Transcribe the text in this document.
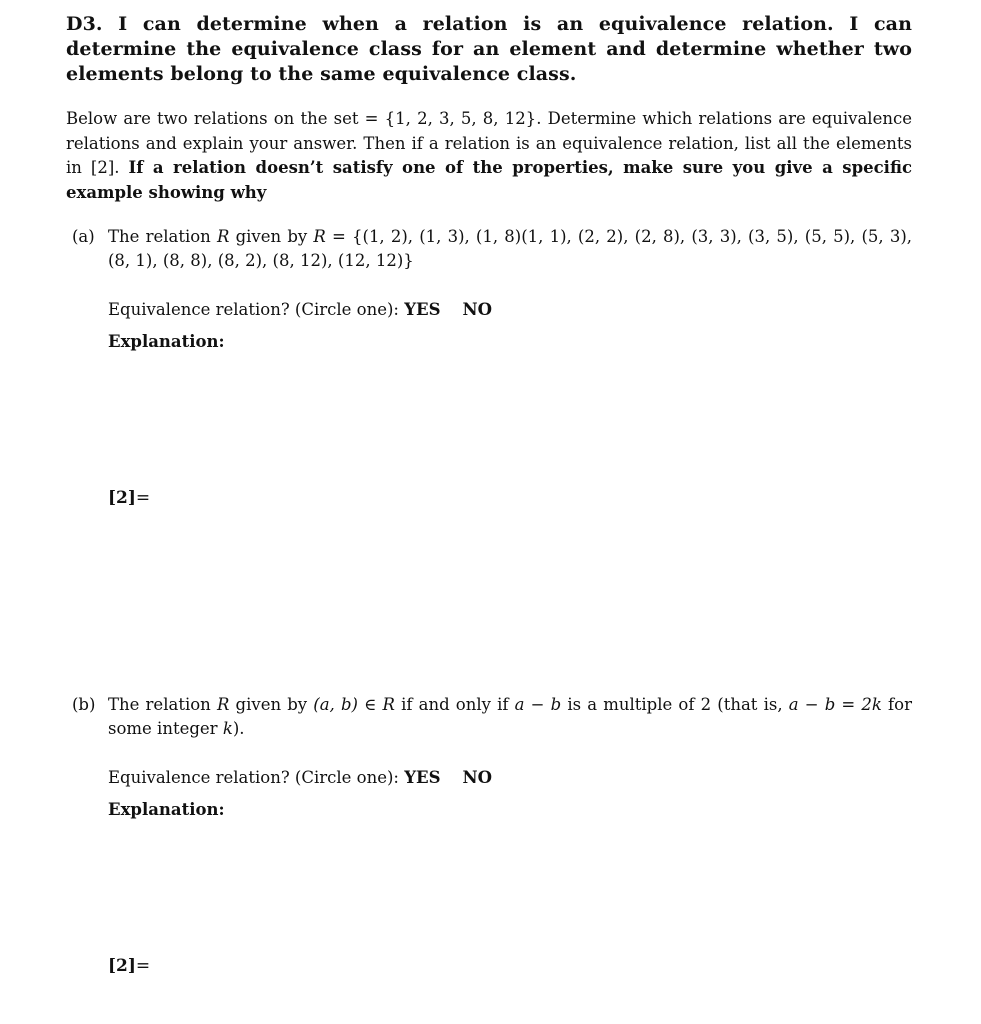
D3. I can determine when a relation is an equivalence relation. I can determine the equivalence class for an element and determine whether two elements belong to the same equivalence class.
Below are two relations on the set = {1, 2, 3, 5, 8, 12}. Determine which relations are equivalence relations and explain your answer. Then if a relation is an equivalence relation, list all the elements in [2]. If a relation doesn’t satisfy one of the properties, make sure you give a specific example showing why
(a) The relation R given by R = {(1, 2), (1, 3), (1, 8)(1, 1), (2, 2), (2, 8), (3, 3), (3, 5), (5, 5), (5, 3), (8, 1), (8, 8), (8, 2), (8, 12), (12, 12)}
Equivalence relation? (Circle one): YES NO
Explanation:
[2]=
(b) The relation R given by (a, b) ∈ R if and only if a − b is a multiple of 2 (that is, a − b = 2k for some integer k).
Equivalence relation? (Circle one): YES NO
Explanation:
[2]=
